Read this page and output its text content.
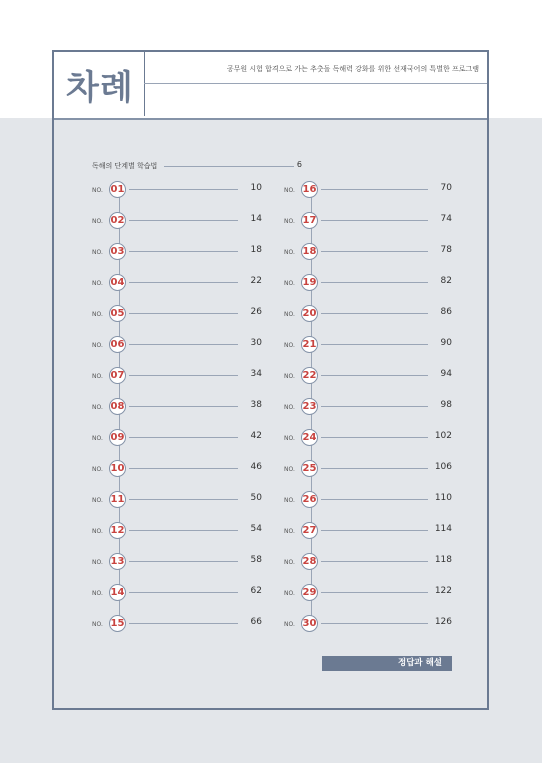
차례	공무원 시험 합격으로 가는 추춧돌 독해력 강화를 위한 선재국어의 특별한 프로그램
독해의 단계별 학습법	6
NO. 01	10
NO. 02	14
NO. 03	18
NO. 04	22
NO. 05	26
NO. 06	30
NO. 07	34
NO. 08	38
NO. 09	42
NO. 10	46
NO. 11	50
NO. 12	54
NO. 13	58
NO. 14	62
NO. 15	66
NO. 16	70
NO. 17	74
NO. 18	78
NO. 19	82
NO. 20	86
NO. 21	90
NO. 22	94
NO. 23	98
NO. 24	102
NO. 25	106
NO. 26	110
NO. 27	114
NO. 28	118
NO. 29	122
NO. 30	126
정답과 해설
